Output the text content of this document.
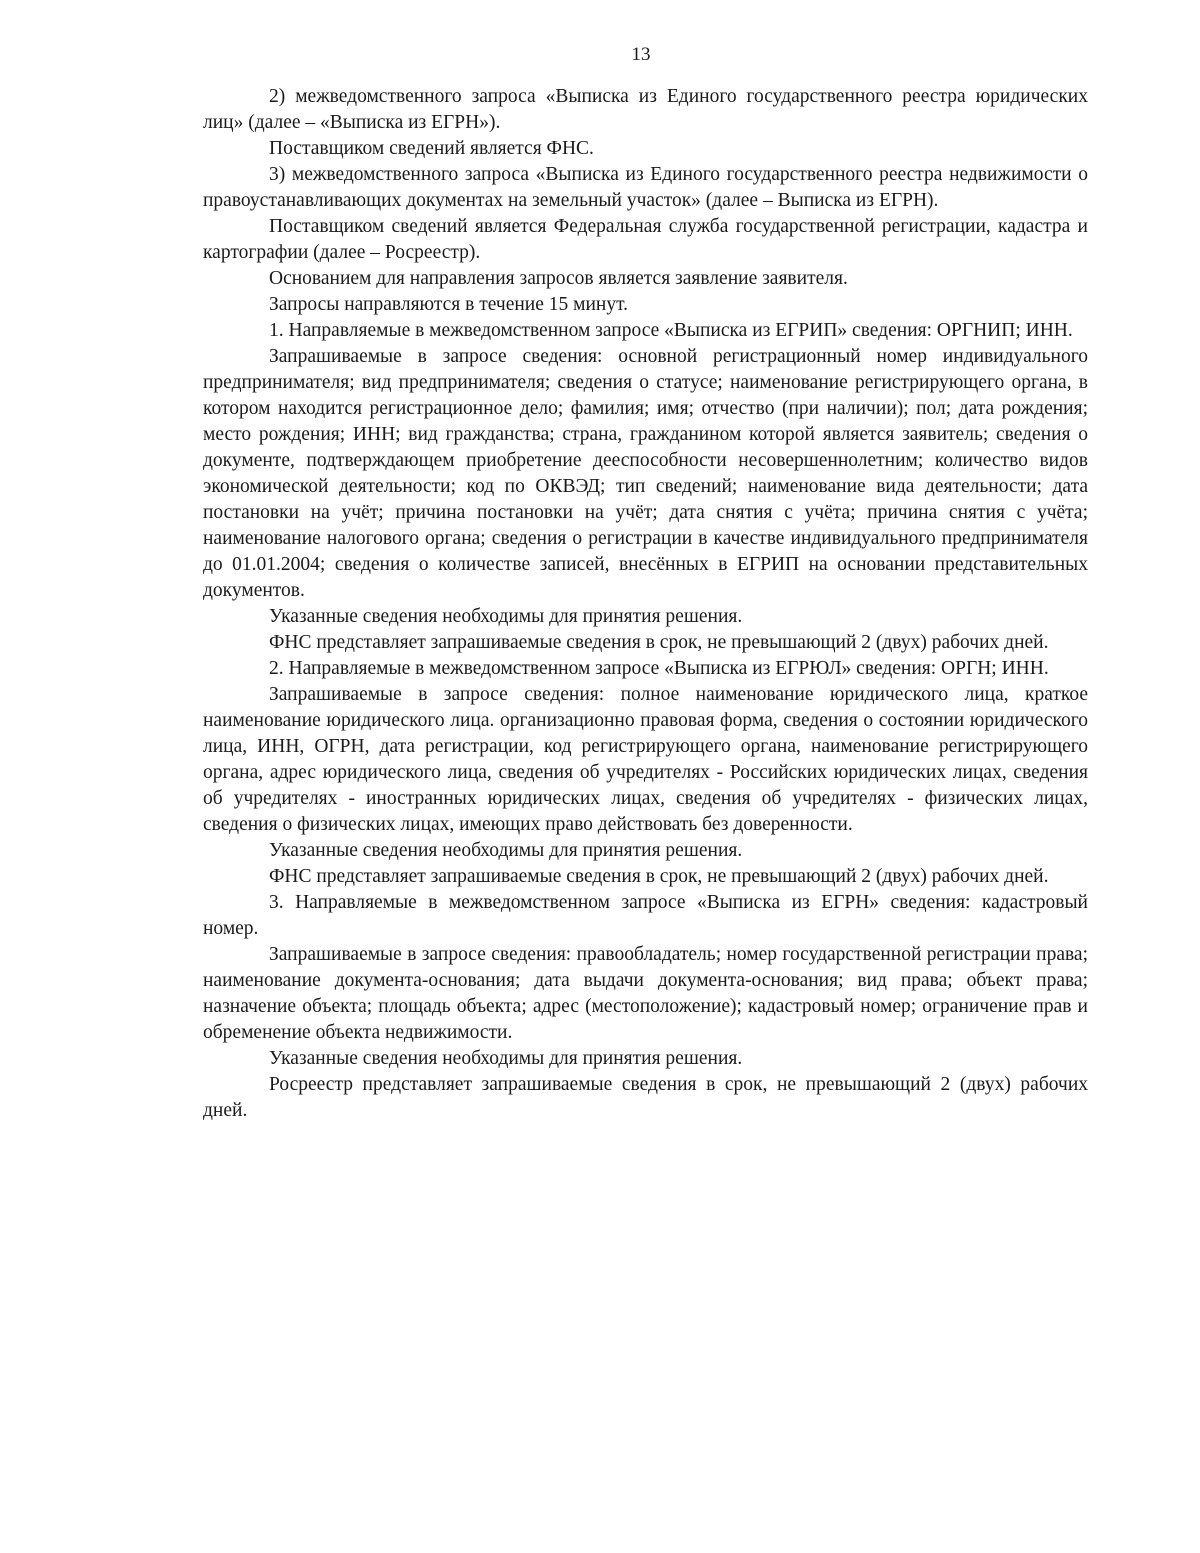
13

2) межведомственного запроса «Выписка из Единого государственного реестра юридических лиц» (далее – «Выписка из ЕГРН»).

Поставщиком сведений является ФНС.

3) межведомственного запроса «Выписка из Единого государственного реестра недвижимости о правоустанавливающих документах на земельный участок» (далее – Выписка из ЕГРН).

Поставщиком сведений является Федеральная служба государственной регистрации, кадастра и картографии (далее – Росреестр).

Основанием для направления запросов является заявление заявителя.

Запросы направляются в течение 15 минут.

1. Направляемые в межведомственном запросе «Выписка из ЕГРИП» сведения: ОРГНИП; ИНН.

Запрашиваемые в запросе сведения: основной регистрационный номер индивидуального предпринимателя; вид предпринимателя; сведения о статусе; наименование регистрирующего органа, в котором находится регистрационное дело; фамилия; имя; отчество (при наличии); пол; дата рождения; место рождения; ИНН; вид гражданства; страна, гражданином которой является заявитель; сведения о документе, подтверждающем приобретение дееспособности несовершеннолетним; количество видов экономической деятельности; код по ОКВЭД; тип сведений; наименование вида деятельности; дата постановки на учёт; причина постановки на учёт; дата снятия с учёта; причина снятия с учёта; наименование налогового органа; сведения о регистрации в качестве индивидуального предпринимателя до 01.01.2004; сведения о количестве записей, внесённых в ЕГРИП на основании представительных документов.

Указанные сведения необходимы для принятия решения.

ФНС представляет запрашиваемые сведения в срок, не превышающий 2 (двух) рабочих дней.

2. Направляемые в межведомственном запросе «Выписка из ЕГРЮЛ» сведения: ОРГН; ИНН.

Запрашиваемые в запросе сведения: полное наименование юридического лица, краткое наименование юридического лица. организационно правовая форма, сведения о состоянии юридического лица, ИНН, ОГРН, дата регистрации, код регистрирующего органа, наименование регистрирующего органа, адрес юридического лица, сведения об учредителях - Российских юридических лицах, сведения об учредителях - иностранных юридических лицах, сведения об учредителях - физических лицах, сведения о физических лицах, имеющих право действовать без доверенности.

Указанные сведения необходимы для принятия решения.

ФНС представляет запрашиваемые сведения в срок, не превышающий 2 (двух) рабочих дней.

3. Направляемые в межведомственном запросе «Выписка из ЕГРН» сведения: кадастровый номер.

Запрашиваемые в запросе сведения: правообладатель; номер государственной регистрации права; наименование документа-основания; дата выдачи документа-основания; вид права; объект права; назначение объекта; площадь объекта; адрес (местоположение); кадастровый номер; ограничение прав и обременение объекта недвижимости.

Указанные сведения необходимы для принятия решения.

Росреестр представляет запрашиваемые сведения в срок, не превышающий 2 (двух) рабочих дней.
